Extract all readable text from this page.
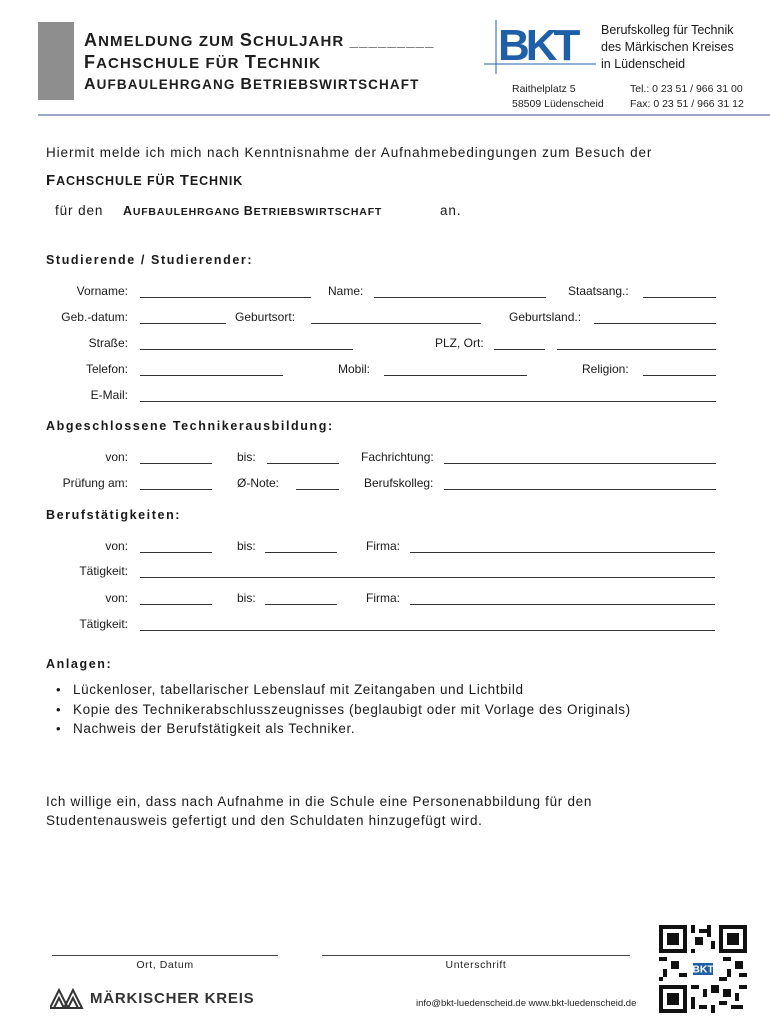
ANMELDUNG ZUM SCHULJAHR _________
FACHSCHULE FÜR TECHNIK
AUFBAULEHRGANG BETRIEBSWIRTSCHAFT
BKT	Berufskolleg für Technik
des Märkischen Kreises
in Lüdenscheid
Raithelplatz 5
58509 Lüdenscheid
Tel.: 0 23 51 / 966 31 00
Fax: 0 23 51 / 966 31 12
Hiermit melde ich mich nach Kenntnisnahme der Aufnahmebedingungen zum Besuch der
FACHSCHULE FÜR TECHNIK
für den AUFBAULEHRGANG BETRIEBSWIRTSCHAFT	an.
Studierende / Studierender:
Vorname:	Name:	Staatsang.:
Geb.-datum:	Geburtsort:	Geburtsland.:
Straße:	PLZ, Ort:
Telefon:	Mobil:	Religion:
E-Mail:
Abgeschlossene Technikerausbildung:
von:	bis:	Fachrichtung:
Prüfung am:	Ø-Note:	Berufskolleg:
Berufstätigkeiten:
von:	bis:	Firma:
Tätigkeit:
von:	bis:	Firma:
Tätigkeit:
Anlagen:
• Lückenloser, tabellarischer Lebenslauf mit Zeitangaben und Lichtbild
• Kopie des Technikerabschlusszeugnisses (beglaubigt oder mit Vorlage des Originals)
• Nachweis der Berufstätigkeit als Techniker.
Ich willige ein, dass nach Aufnahme in die Schule eine Personenabbildung für den
Studentenausweis gefertigt und den Schuldaten hinzugefügt wird.
Ort, Datum	Unterschrift
MÄRKISCHER KREIS	info@bkt-luedenscheid.de www.bkt-luedenscheid.de
BKT
